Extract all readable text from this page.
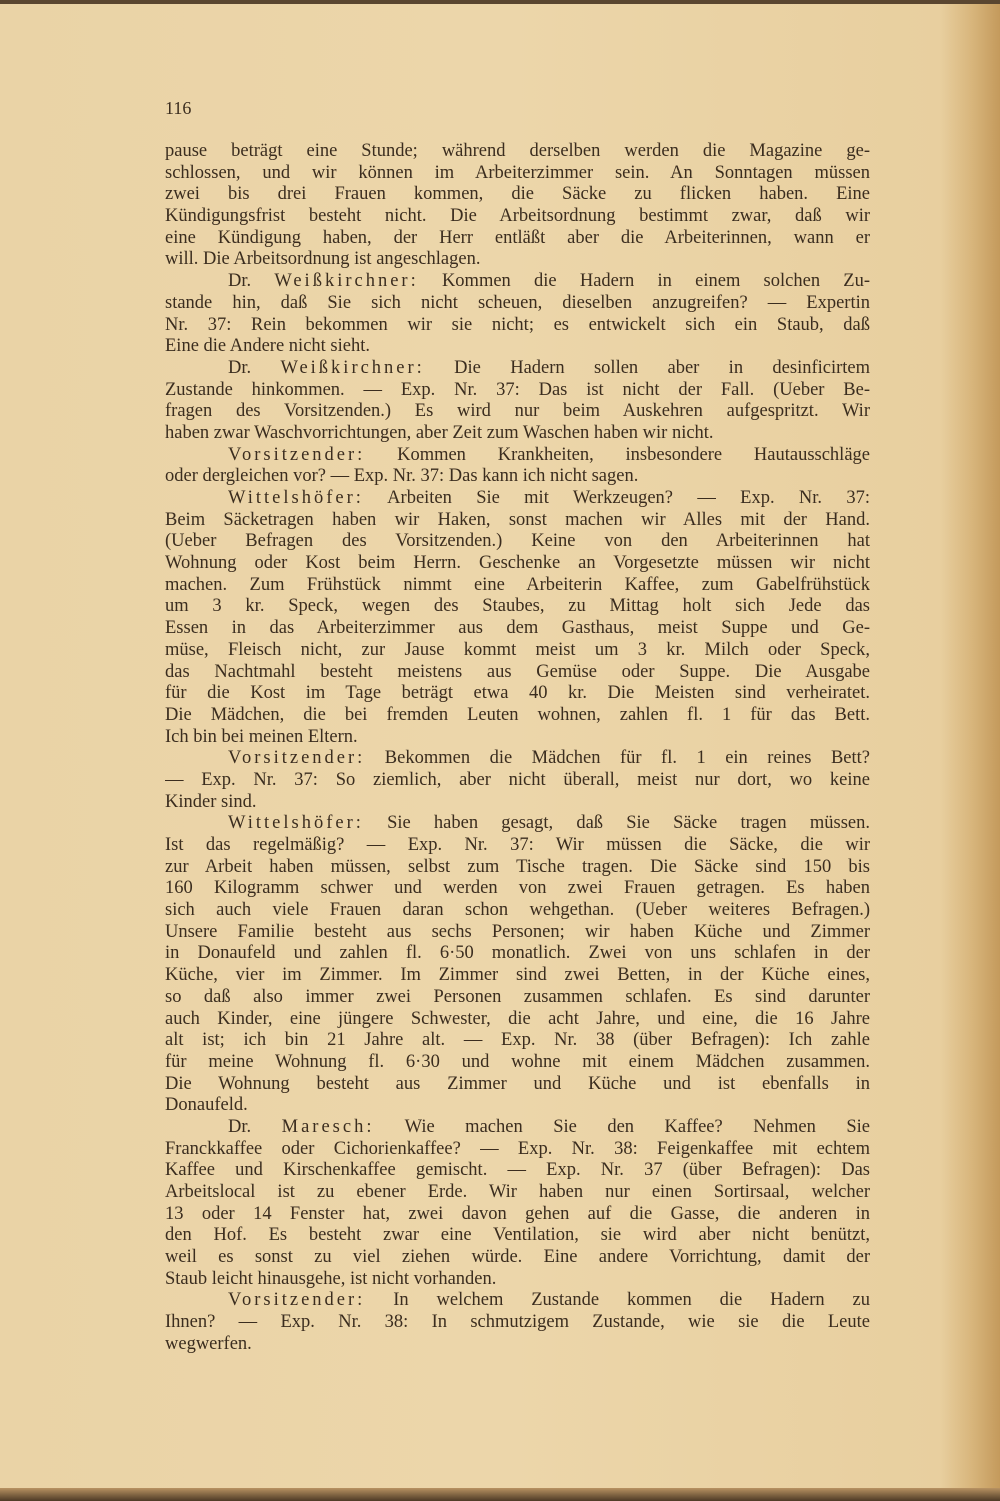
116
pause beträgt eine Stunde; während derselben werden die Magazine ge-
schlossen, und wir können im Arbeiterzimmer sein. An Sonntagen müssen
zwei bis drei Frauen kommen, die Säcke zu flicken haben. Eine
Kündigungsfrist besteht nicht. Die Arbeitsordnung bestimmt zwar, daß wir
eine Kündigung haben, der Herr entläßt aber die Arbeiterinnen, wann er
will. Die Arbeitsordnung ist angeschlagen.
Dr. Weißkirchner: Kommen die Hadern in einem solchen Zu-
stande hin, daß Sie sich nicht scheuen, dieselben anzugreifen? — Expertin
Nr. 37: Rein bekommen wir sie nicht; es entwickelt sich ein Staub, daß
Eine die Andere nicht sieht.
Dr. Weißkirchner: Die Hadern sollen aber in desinficirtem
Zustande hinkommen. — Exp. Nr. 37: Das ist nicht der Fall. (Ueber Be-
fragen des Vorsitzenden.) Es wird nur beim Auskehren aufgespritzt. Wir
haben zwar Waschvorrichtungen, aber Zeit zum Waschen haben wir nicht.
Vorsitzender: Kommen Krankheiten, insbesondere Hautausschläge
oder dergleichen vor? — Exp. Nr. 37: Das kann ich nicht sagen.
Wittelshöfer: Arbeiten Sie mit Werkzeugen? — Exp. Nr. 37:
Beim Säcketragen haben wir Haken, sonst machen wir Alles mit der Hand.
(Ueber Befragen des Vorsitzenden.) Keine von den Arbeiterinnen hat
Wohnung oder Kost beim Herrn. Geschenke an Vorgesetzte müssen wir nicht
machen. Zum Frühstück nimmt eine Arbeiterin Kaffee, zum Gabelfrühstück
um 3 kr. Speck, wegen des Staubes, zu Mittag holt sich Jede das
Essen in das Arbeiterzimmer aus dem Gasthaus, meist Suppe und Ge-
müse, Fleisch nicht, zur Jause kommt meist um 3 kr. Milch oder Speck,
das Nachtmahl besteht meistens aus Gemüse oder Suppe. Die Ausgabe
für die Kost im Tage beträgt etwa 40 kr. Die Meisten sind verheiratet.
Die Mädchen, die bei fremden Leuten wohnen, zahlen fl. 1 für das Bett.
Ich bin bei meinen Eltern.
Vorsitzender: Bekommen die Mädchen für fl. 1 ein reines Bett?
— Exp. Nr. 37: So ziemlich, aber nicht überall, meist nur dort, wo keine
Kinder sind.
Wittelshöfer: Sie haben gesagt, daß Sie Säcke tragen müssen.
Ist das regelmäßig? — Exp. Nr. 37: Wir müssen die Säcke, die wir
zur Arbeit haben müssen, selbst zum Tische tragen. Die Säcke sind 150 bis
160 Kilogramm schwer und werden von zwei Frauen getragen. Es haben
sich auch viele Frauen daran schon wehgethan. (Ueber weiteres Befragen.)
Unsere Familie besteht aus sechs Personen; wir haben Küche und Zimmer
in Donaufeld und zahlen fl. 6·50 monatlich. Zwei von uns schlafen in der
Küche, vier im Zimmer. Im Zimmer sind zwei Betten, in der Küche eines,
so daß also immer zwei Personen zusammen schlafen. Es sind darunter
auch Kinder, eine jüngere Schwester, die acht Jahre, und eine, die 16 Jahre
alt ist; ich bin 21 Jahre alt. — Exp. Nr. 38 (über Befragen): Ich zahle
für meine Wohnung fl. 6·30 und wohne mit einem Mädchen zusammen.
Die Wohnung besteht aus Zimmer und Küche und ist ebenfalls in
Donaufeld.
Dr. Maresch: Wie machen Sie den Kaffee? Nehmen Sie
Franckkaffee oder Cichorienkaffee? — Exp. Nr. 38: Feigenkaffee mit echtem
Kaffee und Kirschenkaffee gemischt. — Exp. Nr. 37 (über Befragen): Das
Arbeitslocal ist zu ebener Erde. Wir haben nur einen Sortirsaal, welcher
13 oder 14 Fenster hat, zwei davon gehen auf die Gasse, die anderen in
den Hof. Es besteht zwar eine Ventilation, sie wird aber nicht benützt,
weil es sonst zu viel ziehen würde. Eine andere Vorrichtung, damit der
Staub leicht hinausgehe, ist nicht vorhanden.
Vorsitzender: In welchem Zustande kommen die Hadern zu
Ihnen? — Exp. Nr. 38: In schmutzigem Zustande, wie sie die Leute
wegwerfen.
